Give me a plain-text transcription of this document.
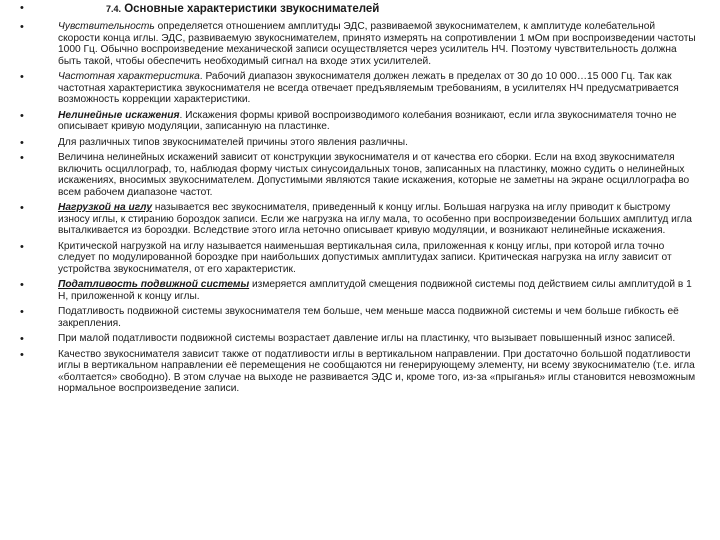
•	7.4. Основные характеристики звукоснимателей
•	Чувствительность определяется отношением амплитуды ЭДС, развиваемой звукоснимателем, к амплитуде колебательной скорости конца иглы. ЭДС, развиваемую звукоснимателем, принято измерять на сопротивлении 1 мОм при воспроизведении частоты 1000 Гц. Обычно воспроизведение механической записи осуществляется через усилитель НЧ. Поэтому чувствительность должна быть такой, чтобы обеспечить необходимый сигнал на входе этих усилителей.
•	Частотная характеристика. Рабочий диапазон звукоснимателя должен лежать в пределах от 30 до 10 000…15 000 Гц. Так как частотная характеристика звукоснимателя не всегда отвечает предъявляемым требованиям, в усилителях НЧ предусматривается возможность коррекции характеристики.
•	Нелинейные искажения. Искажения формы кривой воспроизводимого колебания возникают, если игла звукоснимателя точно не описывает кривую модуляции, записанную на пластинке.
•	Для различных типов звукоснимателей причины этого явления различны.
•	Величина нелинейных искажений зависит от конструкции звукоснимателя и от качества его сборки. Если на вход звукоснимателя включить осциллограф, то, наблюдая форму чистых синусоидальных тонов, записанных на пластинку, можно судить о нелинейных искажениях, вносимых звукоснимателем. Допустимыми являются такие искажения, которые не заметны на экране осциллографа во всем рабочем диапазоне частот.
•	Нагрузкой на иглу называется вес звукоснимателя, приведенный к концу иглы. Большая нагрузка на иглу приводит к быстрому износу иглы, к стиранию бороздок записи. Если же нагрузка на иглу мала, то особенно при воспроизведении больших амплитуд игла выталкивается из бороздки. Вследствие этого игла неточно описывает кривую модуляции, и возникают нелинейные искажения.
•	Критической нагрузкой на иглу называется наименьшая вертикальная сила, приложенная к концу иглы, при которой игла точно следует по модулированной бороздке при наибольших допустимых амплитудах записи. Критическая нагрузка на иглу зависит от устройства звукоснимателя, от его характеристик.
•	Податливость подвижной системы измеряется амплитудой смещения подвижной системы под действием силы амплитудой в 1 Н, приложенной к концу иглы.
•	Податливость подвижной системы звукоснимателя тем больше, чем меньше масса подвижной системы и чем больше гибкость её закрепления.
•	При малой податливости подвижной системы возрастает давление иглы на пластинку, что вызывает повышенный износ записей.
•	Качество звукоснимателя зависит также от податливости иглы в вертикальном направлении. При достаточно большой податливости иглы в вертикальном направлении её перемещения не сообщаются ни генерирующему элементу, ни всему звукоснимателю (т.е. игла «болтается» свободно). В этом случае на выходе не развивается ЭДС и, кроме того, из-за «прыганья» иглы становится невозможным нормальное воспроизведение записи.
